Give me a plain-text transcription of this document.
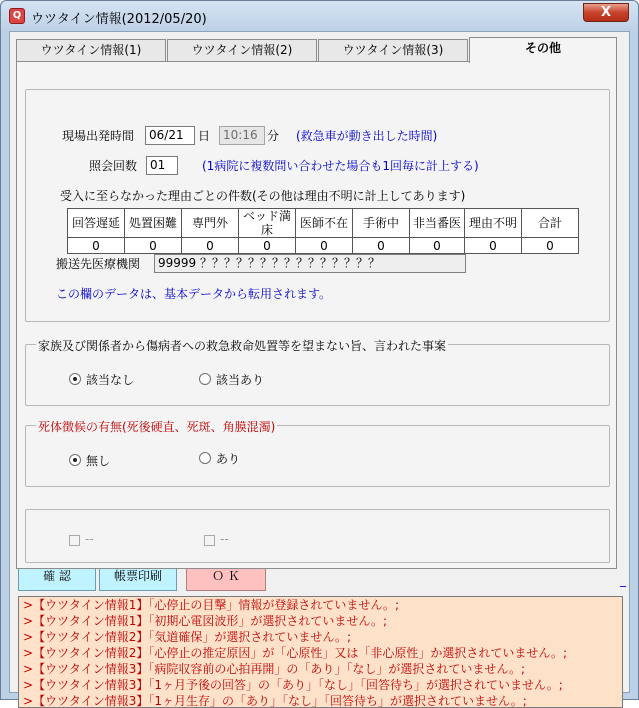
Q ウツタイン情報(2012/05/20)	X
ウツタイン情報(1)	ウツタイン情報(2)	ウツタイン情報(3)	その他
現場出発時間	06/21	日	10:16 分 (救急車が動き出した時間)
照会回数	01	(1病院に複数問い合わせた場合も1回毎に計上する)
受入に至らなかった理由ごとの件数(その他は理由不明に計上してあります)
搬送先医療機関	99999 ？？？？？？？？？？？？？？？
この欄のデータは、基本データから転用されます。
回答遅延	処置困難	専門外	ベッド満床	医師不在	手術中	非当番医	理由不明	合計
0	0	0	0	0	0	0	0	0
家族及び関係者から傷病者への救急救命処置等を望まない旨、言われた事案
該当なし	該当あり
死体徴候の有無(死後硬直、死斑、角膜混濁)
無し	あり
--	--
確 認	帳票印刷	Ｏ Ｋ	_
>【ウツタイン情報1】「心停止の目撃」情報が登録されていません。;
>【ウツタイン情報1】「初期心電図波形」が選択されていません。;
>【ウツタイン情報2】「気道確保」が選択されていません。;
>【ウツタイン情報2】「心停止の推定原因」が「心原性」又は「非心原性」か選択されていません。;
>【ウツタイン情報3】「病院収容前の心拍再開」の「あり」「なし」が選択されていません。;
>【ウツタイン情報3】「1ヶ月予後の回答」の「あり」「なし」「回答待ち」が選択されていません。;
>【ウツタイン情報3】「1ヶ月生存」の「あり」「なし」「回答待ち」が選択されていません。;
